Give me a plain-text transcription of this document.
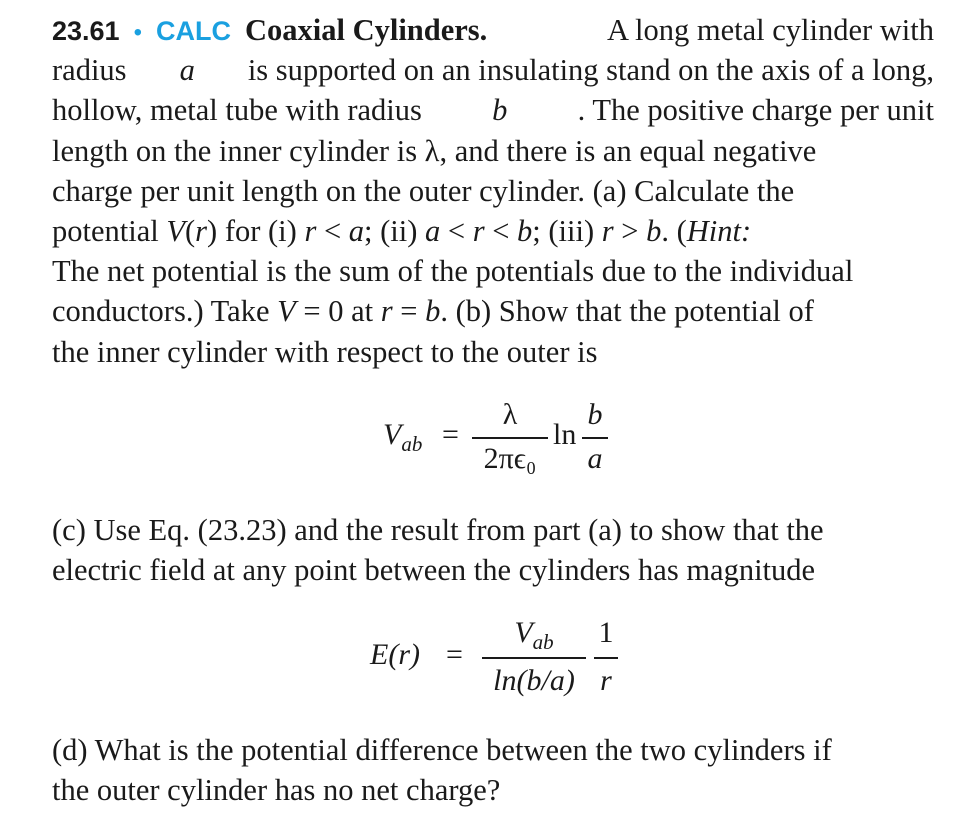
23.61 • CALC Coaxial Cylinders.	A long metal cylinder with
radius a is supported on an insulating stand on the axis of a long,
hollow, metal tube with radius b . The positive charge per unit
length on the inner cylinder is λ, and there is an equal negative
charge per unit length on the outer cylinder. (a) Calculate the
potential V(r) for (i) r < a; (ii) a < r < b; (iii) r > b. (Hint:
The net potential is the sum of the potentials due to the individual
conductors.) Take V = 0 at r = b. (b) Show that the potential of
the inner cylinder with respect to the outer is
$V_{ab}$ =
λ
2πϵ₀
ln
b
a
(c) Use Eq. (23.23) and the result from part (a) to show that the
electric field at any point between the cylinders has magnitude
E(r) =
$V_{ab}$
ln(b/a)
1
r
(d) What is the potential difference between the two cylinders if
the outer cylinder has no net charge?
